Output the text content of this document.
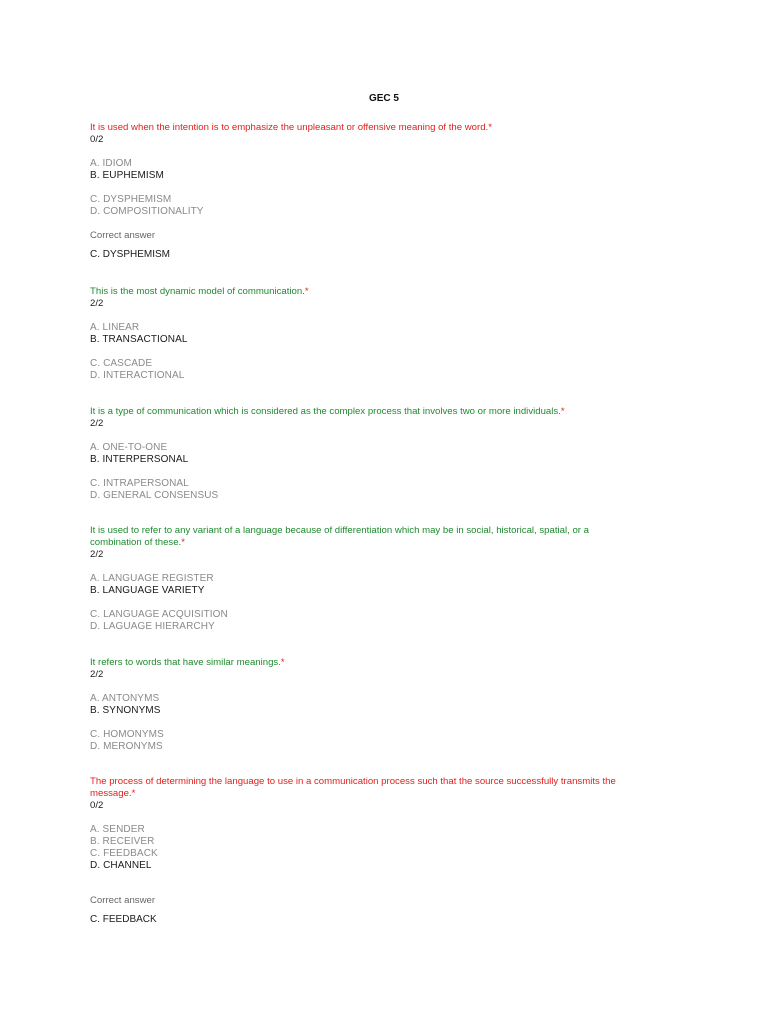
GEC 5
It is used when the intention is to emphasize the unpleasant or offensive meaning of the word.*
0/2
A. IDIOM
B. EUPHEMISM
C. DYSPHEMISM
D. COMPOSITIONALITY
Correct answer
C. DYSPHEMISM
This is the most dynamic model of communication.*
2/2
A. LINEAR
B. TRANSACTIONAL
C. CASCADE
D. INTERACTIONAL
It is a type of communication which is considered as the complex process that involves two or more individuals.*
2/2
A. ONE-TO-ONE
B. INTERPERSONAL
C. INTRAPERSONAL
D. GENERAL CONSENSUS
It is used to refer to any variant of a language because of differentiation which may be in social, historical, spatial, or a
combination of these.*
2/2
A. LANGUAGE REGISTER
B. LANGUAGE VARIETY
C. LANGUAGE ACQUISITION
D. LAGUAGE HIERARCHY
It refers to words that have similar meanings.*
2/2
A. ANTONYMS
B. SYNONYMS
C. HOMONYMS
D. MERONYMS
The process of determining the language to use in a communication process such that the source successfully transmits the
message.*
0/2
A. SENDER
B. RECEIVER
C. FEEDBACK
D. CHANNEL
Correct answer
C. FEEDBACK
